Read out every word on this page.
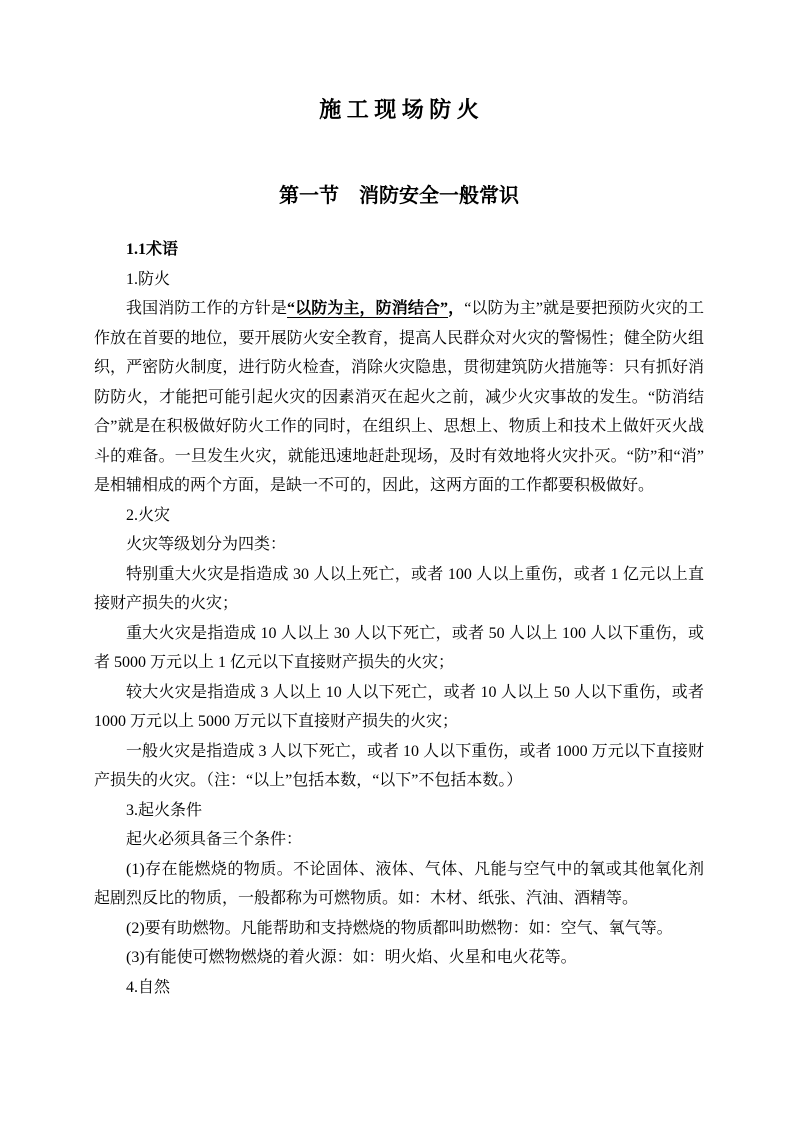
施 工 现 场 防 火
第一节　消防安全一般常识

1.1术语

1.防火

我国消防工作的方针是“以防为主，防消结合”，“以防为主”就是要把预防火灾的工作放在首要的地位，要开展防火安全教育，提高人民群众对火灾的警惕性；健全防火组织，严密防火制度，进行防火检查，消除火灾隐患，贯彻建筑防火措施等：只有抓好消防防火，才能把可能引起火灾的因素消灭在起火之前，减少火灾事故的发生。“防消结合”就是在积极做好防火工作的同时，在组织上、思想上、物质上和技术上做奸灭火战斗的难备。一旦发生火灾，就能迅速地赶赴现场，及时有效地将火灾扑灭。“防”和“消”是相辅相成的两个方面，是缺一不可的，因此，这两方面的工作都要积极做好。

2.火灾

火灾等级划分为四类：

特别重大火灾是指造成 30 人以上死亡，或者 100 人以上重伤，或者 1 亿元以上直接财产损失的火灾；

重大火灾是指造成 10 人以上 30 人以下死亡，或者 50 人以上 100 人以下重伤，或者 5000 万元以上 1 亿元以下直接财产损失的火灾；

较大火灾是指造成 3 人以上 10 人以下死亡，或者 10 人以上 50 人以下重伤，或者 1000 万元以上 5000 万元以下直接财产损失的火灾；

一般火灾是指造成 3 人以下死亡，或者 10 人以下重伤，或者 1000 万元以下直接财产损失的火灾。（注：“以上”包括本数，“以下”不包括本数。）

3.起火条件

起火必须具备三个条件：

(1)存在能燃烧的物质。不论固体、液体、气体、凡能与空气中的氧或其他氧化剂起剧烈反比的物质，一般都称为可燃物质。如：木材、纸张、汽油、酒精等。

(2)要有助燃物。凡能帮助和支持燃烧的物质都叫助燃物：如：空气、氧气等。

(3)有能使可燃物燃烧的着火源：如：明火焰、火星和电火花等。

4.自然
